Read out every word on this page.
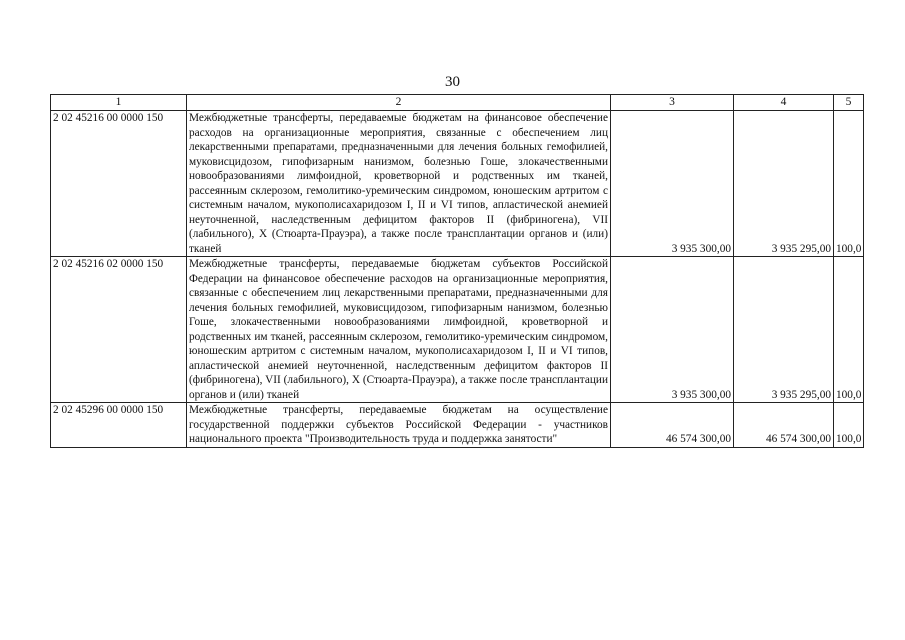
30
1	2	3	4	5
2 02 45216 00 0000 150	Межбюджетные трансферты, передаваемые бюджетам на финансовое обеспечение расходов на организационные мероприятия, связанные с обеспечением лиц лекарственными препаратами, предназначенными для лечения больных гемофилией, муковисцидозом, гипофизарным нанизмом, болезнью Гоше, злокачественными новообразованиями лимфоидной, кроветворной и родственных им тканей, рассеянным склерозом, гемолитико-уремическим синдромом, юношеским артритом с системным началом, мукополисахаридозом I, II и VI типов, апластической анемией неуточненной, наследственным дефицитом факторов II (фибриногена), VII (лабильного), X (Стюарта-Прауэра), а также после трансплантации органов и (или) тканей	3 935 300,00	3 935 295,00	100,0
2 02 45216 02 0000 150	Межбюджетные трансферты, передаваемые бюджетам субъектов Российской Федерации на финансовое обеспечение расходов на организационные мероприятия, связанные с обеспечением лиц лекарственными препаратами, предназначенными для лечения больных гемофилией, муковисцидозом, гипофизарным нанизмом, болезнью Гоше, злокачественными новообразованиями лимфоидной, кроветворной и родственных им тканей, рассеянным склерозом, гемолитико-уремическим синдромом, юношеским артритом с системным началом, мукополисахаридозом I, II и VI типов, апластической анемией неуточненной, наследственным дефицитом факторов II (фибриногена), VII (лабильного), X (Стюарта-Прауэра), а также после трансплантации органов и (или) тканей	3 935 300,00	3 935 295,00	100,0
2 02 45296 00 0000 150	Межбюджетные трансферты, передаваемые бюджетам на осуществление государственной поддержки субъектов Российской Федерации - участников национального проекта "Производительность труда и поддержка занятости"	46 574 300,00	46 574 300,00	100,0
